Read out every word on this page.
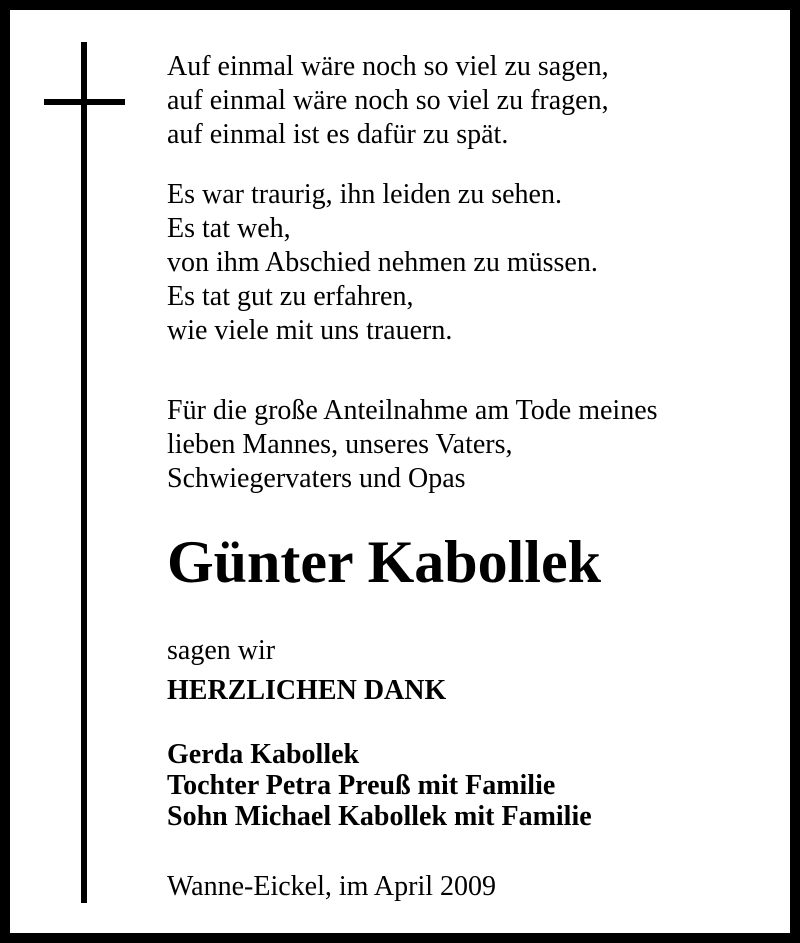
Auf einmal wäre noch so viel zu sagen,
auf einmal wäre noch so viel zu fragen,
auf einmal ist es dafür zu spät.
Es war traurig, ihn leiden zu sehen.
Es tat weh,
von ihm Abschied nehmen zu müssen.
Es tat gut zu erfahren,
wie viele mit uns trauern.
Für die große Anteilnahme am Tode meines
lieben Mannes, unseres Vaters,
Schwiegervaters und Opas
Günter Kabollek
sagen wir
HERZLICHEN DANK
Gerda Kabollek
Tochter Petra Preuß mit Familie
Sohn Michael Kabollek mit Familie
Wanne-Eickel, im April 2009
